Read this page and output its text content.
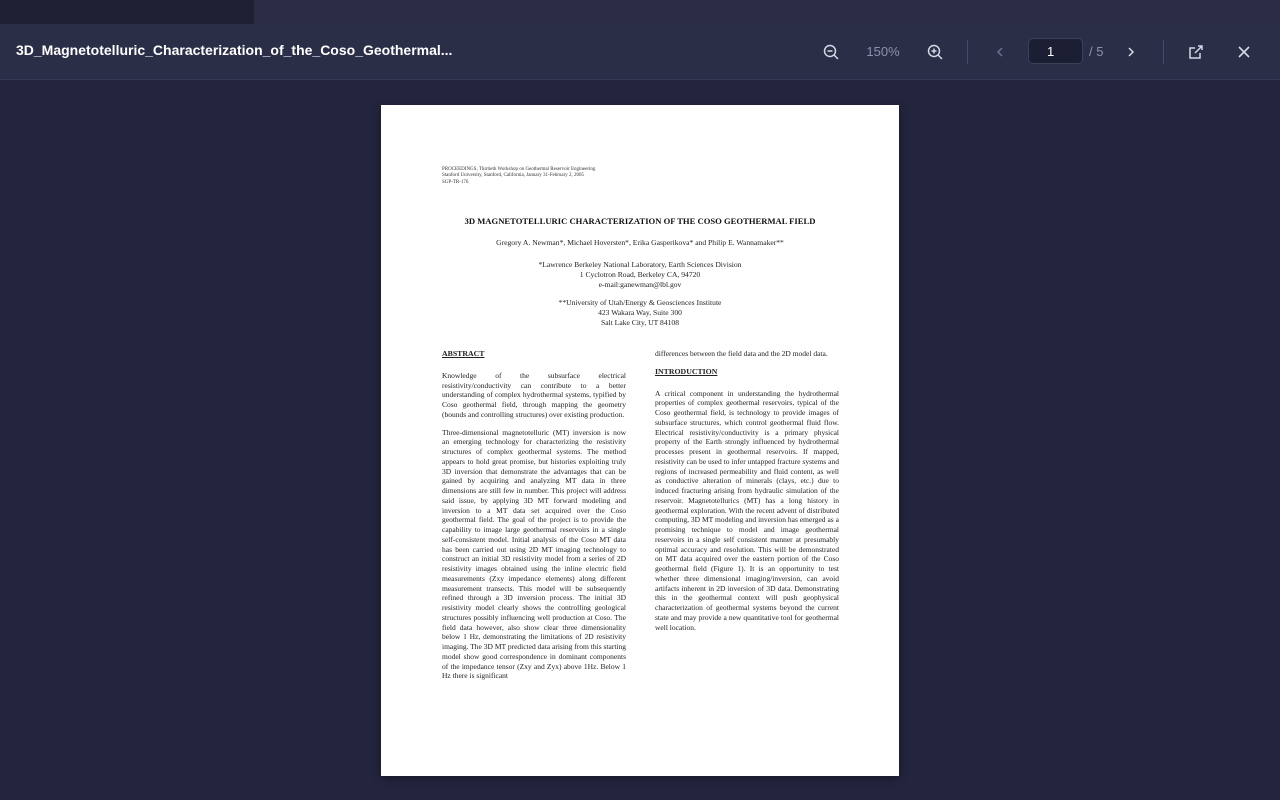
3D_Magnetotelluric_Characterization_of_the_Coso_Geothermal...	150%
1	/ 5
PROCEEDINGS, Thirtieth Workshop on Geothermal Reservoir Engineering
Stanford University, Stanford, California, January 31-February 2, 2005
SGP-TR-176
3D MAGNETOTELLURIC CHARACTERIZATION OF THE COSO GEOTHERMAL FIELD
Gregory A. Newman*, Michael Hoversten*, Erika Gasperikova* and Philip E. Wannamaker**
*Lawrence Berkeley National Laboratory, Earth Sciences Division
1 Cyclotron Road, Berkeley CA, 94720
e-mail:ganewman@lbl.gov
**University of Utah/Energy & Geosciences Institute
423 Wakara Way, Suite 300
Salt Lake City, UT 84108
ABSTRACT

Knowledge of the subsurface electrical resistivity/conductivity can contribute to a better understanding of complex hydrothermal systems, typified by Coso geothermal field, through mapping the geometry (bounds and controlling structures) over existing production.

Three-dimensional magnetotelluric (MT) inversion is now an emerging technology for characterizing the resistivity structures of complex geothermal systems. The method appears to hold great promise, but histories exploiting truly 3D inversion that demonstrate the advantages that can be gained by acquiring and analyzing MT data in three dimensions are still few in number. This project will address said issue, by applying 3D MT forward modeling and inversion to a MT data set acquired over the Coso geothermal field. The goal of the project is to provide the capability to image large geothermal reservoirs in a single self-consistent model. Initial analysis of the Coso MT data has been carried out using 2D MT imaging technology to construct an initial 3D resistivity model from a series of 2D resistivity images obtained using the inline electric field measurements (Zxy impedance elements) along different measurement transects. This model will be subsequently refined through a 3D inversion process. The initial 3D resistivity model clearly shows the controlling geological structures possibly influencing well production at Coso. The field data however, also show clear three dimensionality below 1 Hz, demonstrating the limitations of 2D resistivity imaging. The 3D MT predicted data arising from this starting model show good correspondence in dominant components of the impedance tensor (Zxy and Zyx) above 1Hz. Below 1 Hz there is significant

differences between the field data and the 2D model data.

INTRODUCTION

A critical component in understanding the hydrothermal properties of complex geothermal reservoirs, typical of the Coso geothermal field, is technology to provide images of subsurface structures, which control geothermal fluid flow. Electrical resistivity/conductivity is a primary physical property of the Earth strongly influenced by hydrothermal processes present in geothermal reservoirs. If mapped, resistivity can be used to infer untapped fracture systems and regions of increased permeability and fluid content, as well as conductive alteration of minerals (clays, etc.) due to induced fracturing arising from hydraulic simulation of the reservoir. Magnetotellurics (MT) has a long history in geothermal exploration. With the recent advent of distributed computing, 3D MT modeling and inversion has emerged as a promising technique to model and image geothermal reservoirs in a single self consistent manner at presumably optimal accuracy and resolution. This will be demonstrated on MT data acquired over the eastern portion of the Coso geothermal field (Figure 1). It is an opportunity to test whether three dimensional imaging/inversion, can avoid artifacts inherent in 2D inversion of 3D data. Demonstrating this in the geothermal context will push geophysical characterization of geothermal systems beyond the current state and may provide a new quantitative tool for geothermal well location.
